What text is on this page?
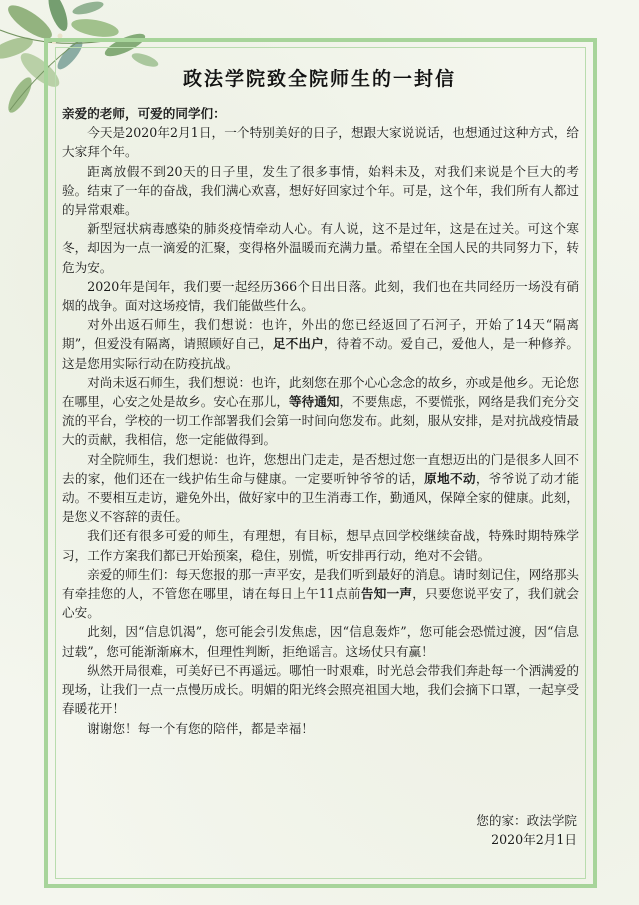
政法学院致全院师生的一封信

亲爱的老师，可爱的同学们：

今天是2020年2月1日，一个特别美好的日子，想跟大家说说话，也想通过这种方式，给大家拜个年。

距离放假不到20天的日子里，发生了很多事情，始料未及，对我们来说是个巨大的考验。结束了一年的奋战，我们满心欢喜，想好好回家过个年。可是，这个年，我们所有人都过的异常艰难。

新型冠状病毒感染的肺炎疫情牵动人心。有人说，这不是过年，这是在过关。可这个寒冬，却因为一点一滴爱的汇聚，变得格外温暖而充满力量。希望在全国人民的共同努力下，转危为安。

2020年是闰年，我们要一起经历366个日出日落。此刻，我们也在共同经历一场没有硝烟的战争。面对这场疫情，我们能做些什么。

对外出返石师生，我们想说：也许，外出的您已经返回了石河子，开始了14天“隔离期”，但爱没有隔离，请照顾好自己，足不出户，待着不动。爱自己，爱他人，是一种修养。这是您用实际行动在防疫抗战。

对尚未返石师生，我们想说：也许，此刻您在那个心心念念的故乡，亦或是他乡。无论您在哪里，心安之处是故乡。安心在那儿，等待通知，不要焦虑，不要慌张，网络是我们充分交流的平台，学校的一切工作部署我们会第一时间向您发布。此刻，服从安排，是对抗战疫情最大的贡献，我相信，您一定能做得到。

对全院师生，我们想说：也许，您想出门走走，是否想过您一直想迈出的门是很多人回不去的家，他们还在一线护佑生命与健康。一定要听钟爷爷的话，原地不动，爷爷说了动才能动。不要相互走访，避免外出，做好家中的卫生消毒工作，勤通风，保障全家的健康。此刻，是您义不容辞的责任。

我们还有很多可爱的师生，有理想，有目标，想早点回学校继续奋战，特殊时期特殊学习，工作方案我们都已开始预案，稳住，别慌，听安排再行动，绝对不会错。

亲爱的师生们：每天您报的那一声平安，是我们听到最好的消息。请时刻记住，网络那头有牵挂您的人，不管您在哪里，请在每日上午11点前告知一声，只要您说平安了，我们就会心安。

此刻，因“信息饥渴”，您可能会引发焦虑，因“信息轰炸”，您可能会恐慌过渡，因“信息过载”，您可能渐渐麻木，但理性判断，拒绝谣言。这场仗只有赢！

纵然开局很难，可美好已不再遥远。哪怕一时艰难，时光总会带我们奔赴每一个洒满爱的现场，让我们一点一点慢历成长。明媚的阳光终会照亮祖国大地，我们会摘下口罩，一起享受春暖花开！

谢谢您！每一个有您的陪伴，都是幸福！

您的家：政法学院
2020年2月1日
